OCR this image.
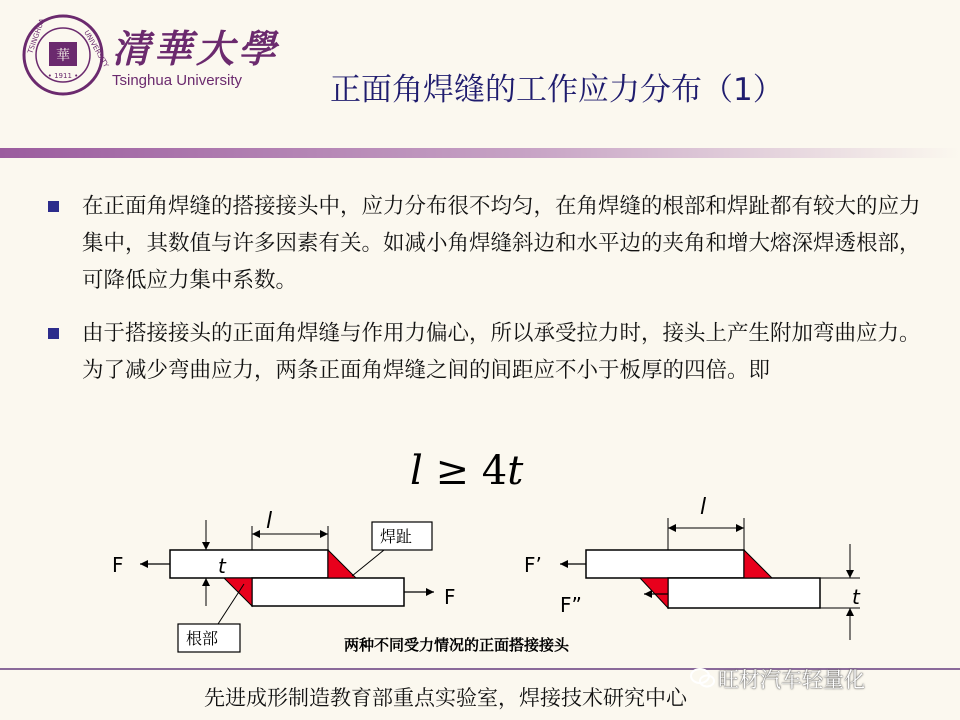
華
TSINGHUA	UNIVERSITY
• 1911 •
清華大學
Tsinghua University	正面角焊缝的工作应力分布（1）
在正面角焊缝的搭接接头中，应力分布很不均匀，在角焊缝的根部和焊趾都有较大的应力集中，其数值与许多因素有关。如减小角焊缝斜边和水平边的夹角和增大熔深焊透根部，可降低应力集中系数。
由于搭接接头的正面角焊缝与作用力偏心，所以承受拉力时，接头上产生附加弯曲应力。为了减少弯曲应力，两条正面角焊缝之间的间距应不小于板厚的四倍。即
l ≥ 4t
F
F
t
l
焊趾
根部
F’
F”
l
t
两种不同受力情况的正面搭接接头
先进成形制造教育部重点实验室，焊接技术研究中心
旺材汽车轻量化
